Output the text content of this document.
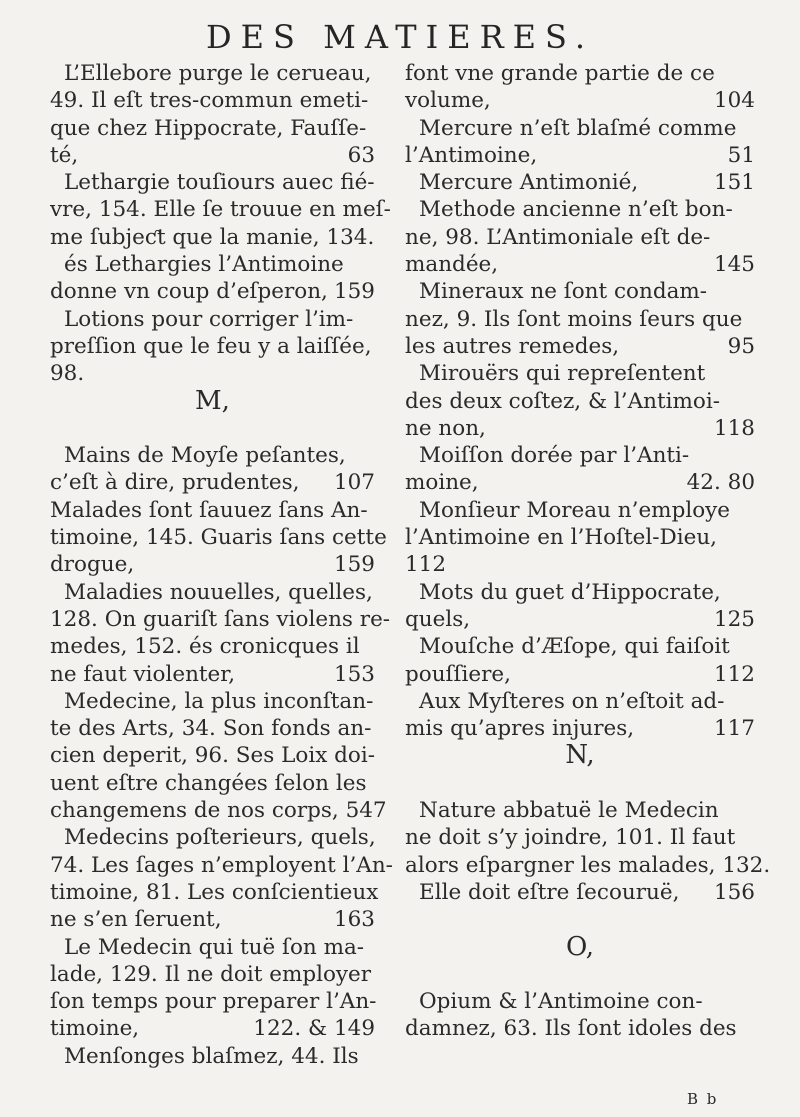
DES MATIERES.
L’Ellebore purge le cerueau,
49. Il eſt tres-commun emeti-
que chez Hippocrate, Fauſſe-
té,	63
Lethargie touſiours auec fié-
vre, 154. Elle ſe trouue en meſ-
me ſubjeƈt que la manie, 134.
és Lethargies l’Antimoine
donne vn coup d’eſperon, 159
Lotions pour corriger l’im-
preſſion que le feu y a laiſſée,
98.
M,
Mains de Moyſe peſantes,
c’eſt à dire, prudentes, 107
Malades ſont ſauuez ſans An-
timoine, 145. Guaris ſans cette
drogue,	159
Maladies nouuelles, quelles,
128. On guariſt ſans violens re-
medes, 152. és cronicques il
ne faut violenter,	153
Medecine, la plus inconſtan-
te des Arts, 34. Son fonds an-
cien deperit, 96. Ses Loix doi-
uent eſtre changées ſelon les
changemens de nos corps, 547
Medecins poſterieurs, quels,
74. Les ſages n’employent l’An-
timoine, 81. Les conſcientieux
ne s’en ſeruent,	163
Le Medecin qui tuë ſon ma-
lade, 129. Il ne doit employer
ſon temps pour preparer l’An-
timoine,	122. & 149
Menſonges blaſmez, 44. Ils
font vne grande partie de ce
volume,	104
Mercure n’eſt blaſmé comme
l’Antimoine,	51
Mercure Antimonié,	151
Methode ancienne n’eſt bon-
ne, 98. L’Antimoniale eſt de-
mandée,	145
Mineraux ne ſont condam-
nez, 9. Ils ſont moins ſeurs que
les autres remedes,	95
Mirouërs qui repreſentent
des deux coſtez, & l’Antimoi-
ne non,	118
Moiſſon dorée par l’Anti-
moine,	42. 80
Monſieur Moreau n’employe
l’Antimoine en l’Hoſtel-Dieu,
112
Mots du guet d’Hippocrate,
quels,	125
Mouſche d’Æſope, qui faiſoit
pouſſiere,	112
Aux Myſteres on n’eſtoit ad-
mis qu’apres injures,	117
N,
Nature abbatuë le Medecin
ne doit s’y joindre, 101. Il faut
alors eſpargner les malades, 132.
Elle doit eſtre ſecouruë, 156
O,
Opium & l’Antimoine con-
damnez, 63. Ils ſont idoles des
B b
